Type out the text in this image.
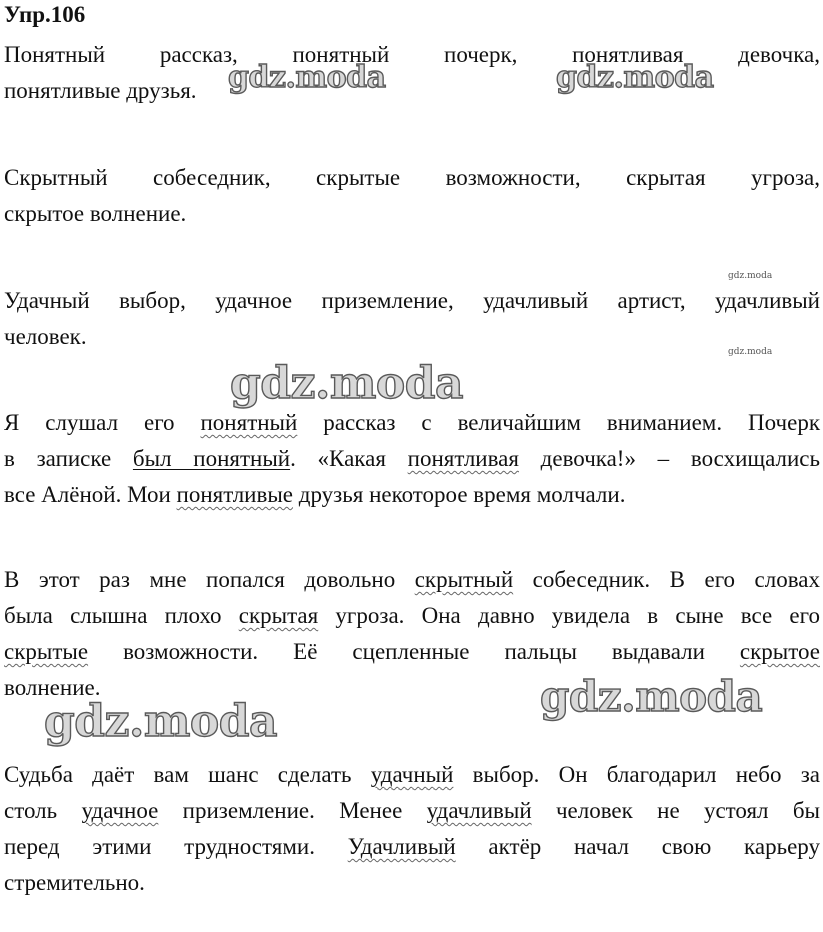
Упр.106
Понятный рассказ, понятный почерк, понятливая девочка,
понятливые друзья.
Скрытный собеседник, скрытые возможности, скрытая угроза,
скрытое волнение.
Удачный выбор, удачное приземление, удачливый артист, удачливый
человек.
Я слушал его понятный рассказ с величайшим вниманием. Почерк
в записке был понятный. «Какая понятливая девочка!» – восхищались
все Алёной. Мои понятливые друзья некоторое время молчали.
В этот раз мне попался довольно скрытный собеседник. В его словах
была слышна плохо скрытая угроза. Она давно увидела в сыне все его
скрытые возможности. Её сцепленные пальцы выдавали скрытое
волнение.
Судьба даёт вам шанс сделать удачный выбор. Он благодарил небо за
столь удачное приземление. Менее удачливый человек не устоял бы
перед этими трудностями. Удачливый актёр начал свою карьеру
стремительно.
gdz.moda	gdz.moda
gdz.moda
gdz.moda
gdz.moda
gdz.moda
gdz.moda
